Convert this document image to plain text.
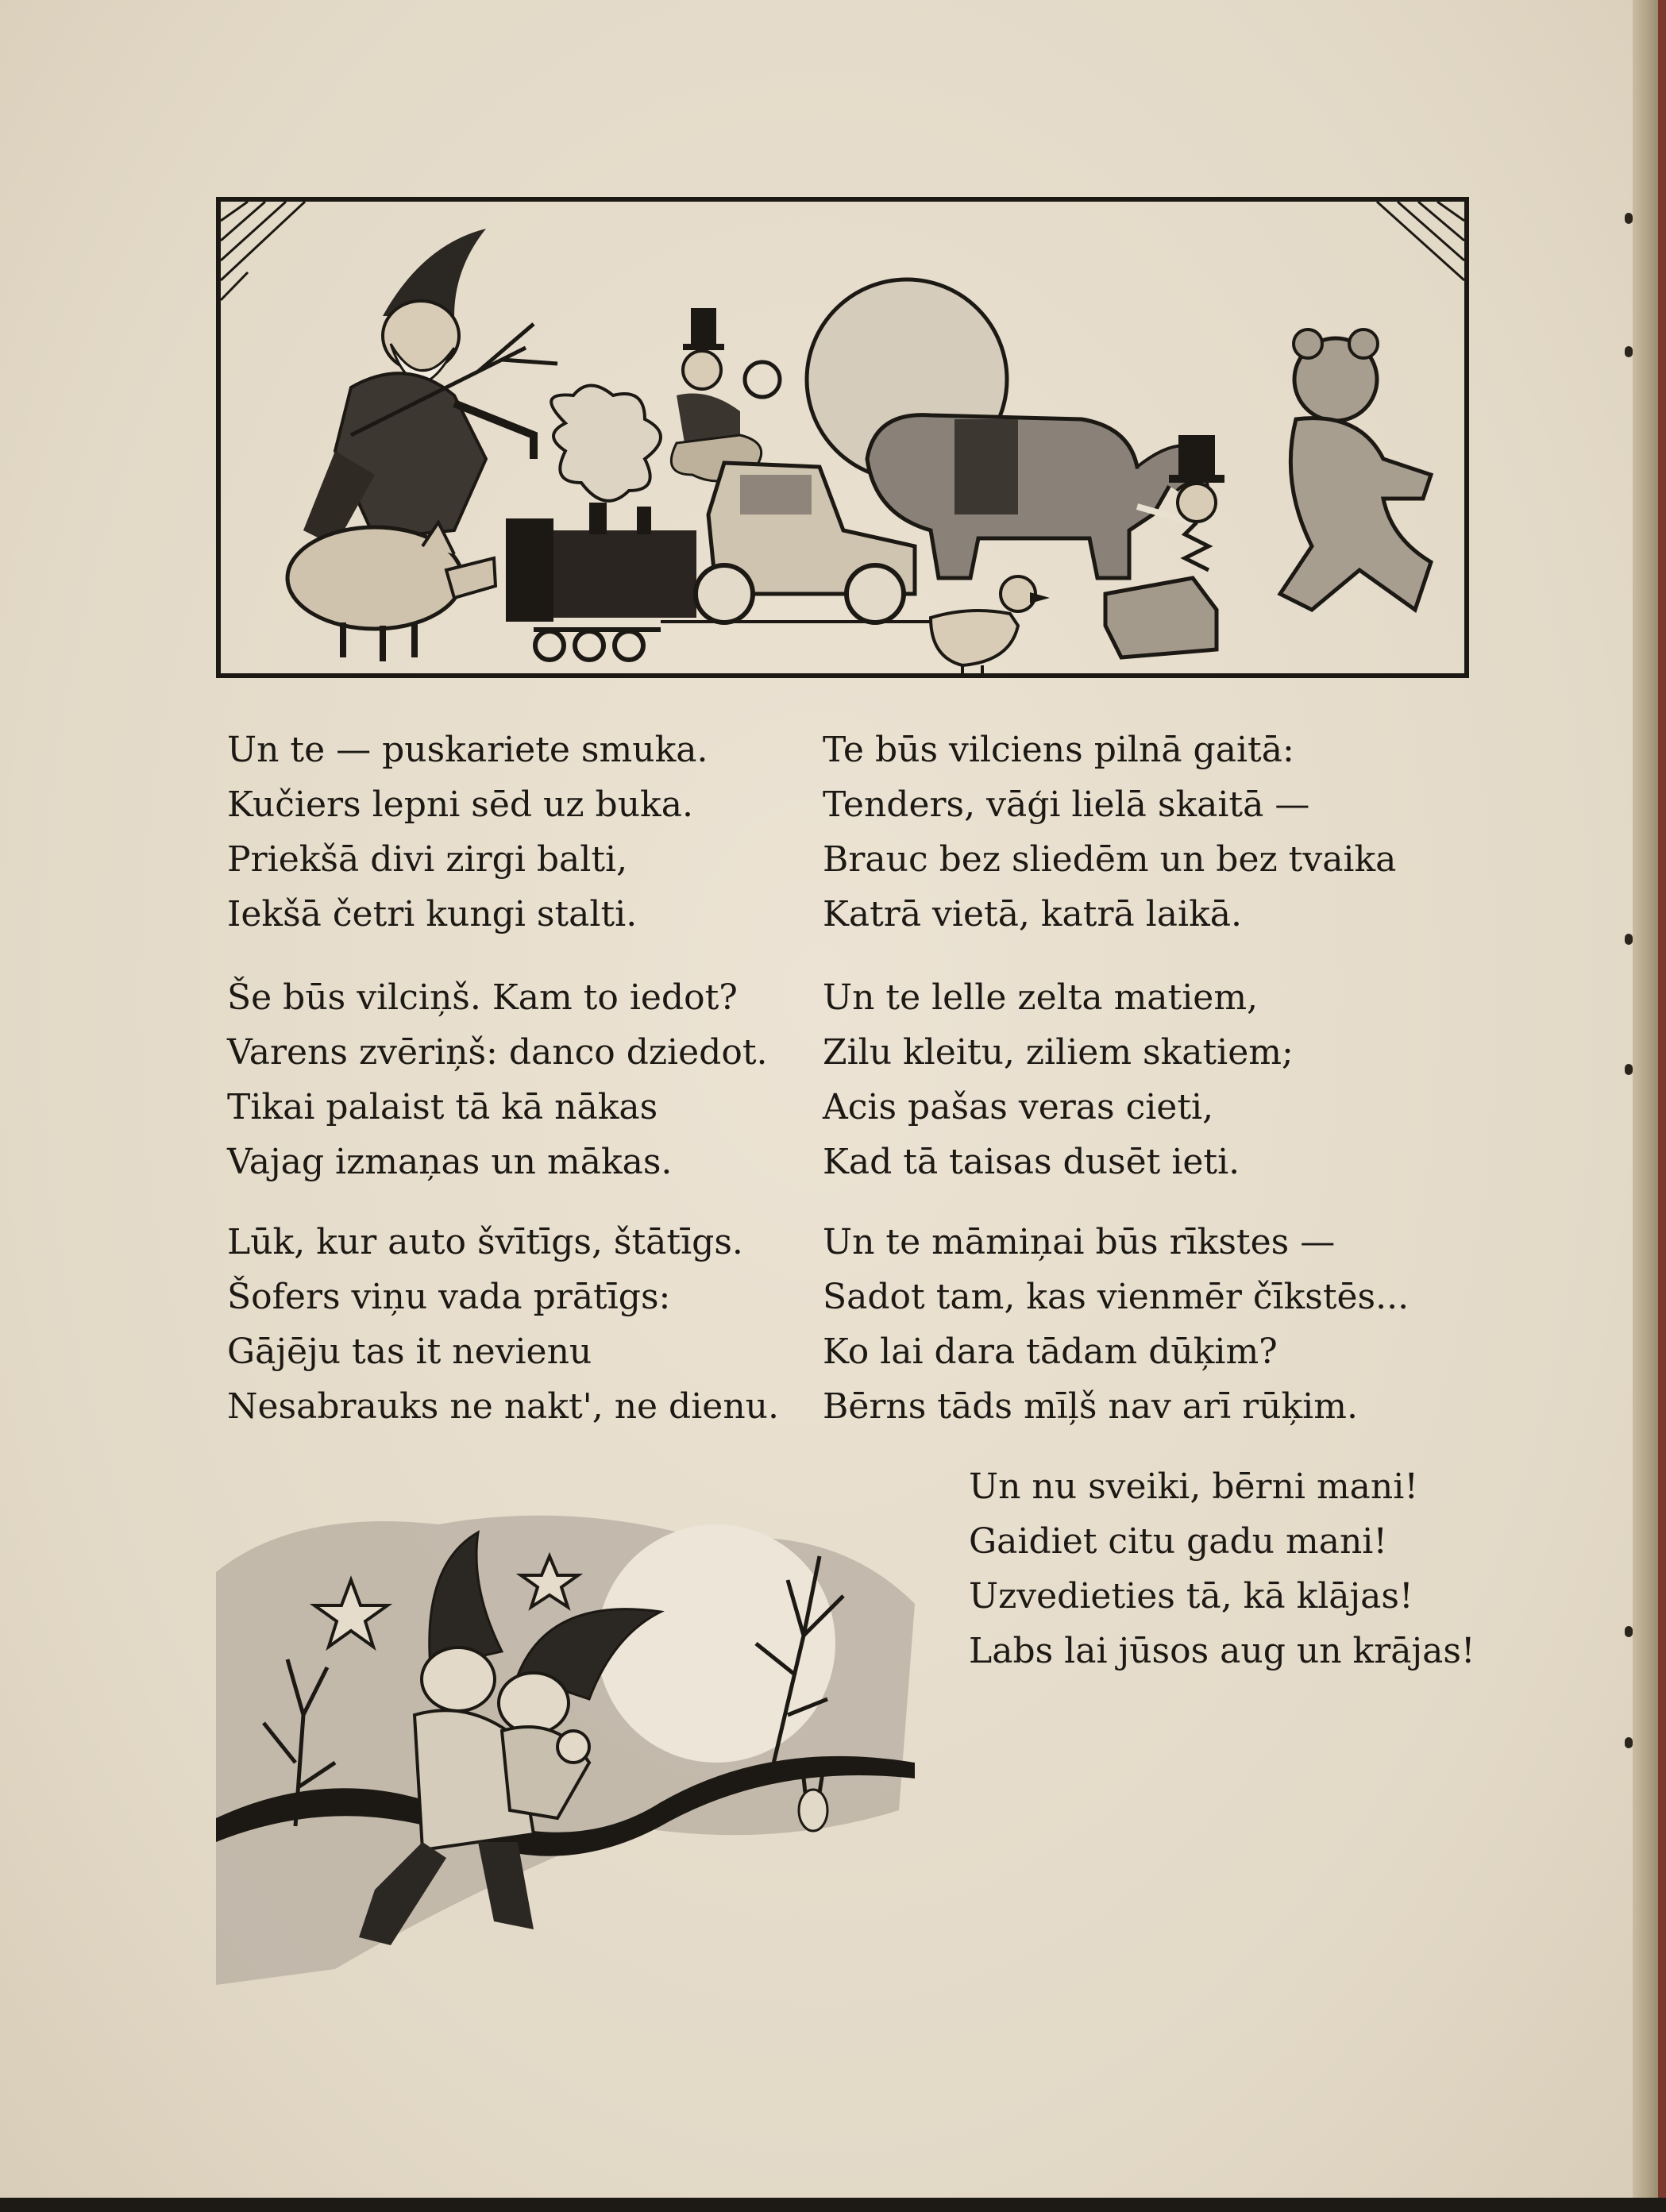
Un te — puskariete smuka.
Kučiers lepni sēd uz buka.
Priekšā divi zirgi balti,
Iekšā četri kungi stalti.
Še būs vilciņš. Kam to iedot?
Varens zvēriņš: danco dziedot.
Tikai palaist tā kā nākas
Vajag izmaņas un mākas.
Lūk, kur auto švītīgs, štātīgs.
Šofers viņu vada prātīgs:
Gājēju tas it nevienu
Nesabrauks ne nakt', ne dienu.
Te būs vilciens pilnā gaitā:
Tenders, vāģi lielā skaitā —
Brauc bez sliedēm un bez tvaika
Katrā vietā, katrā laikā.
Un te lelle zelta matiem,
Zilu kleitu, ziliem skatiem;
Acis pašas veras cieti,
Kad tā taisas dusēt ieti.
Un te māmiņai būs rīkstes —
Sadot tam, kas vienmēr čīkstēs...
Ko lai dara tādam dūķim?
Bērns tāds mīļš nav arī rūķim.
Un nu sveiki, bērni mani!
Gaidiet citu gadu mani!
Uzvedieties tā, kā klājas!
Labs lai jūsos aug un krājas!
